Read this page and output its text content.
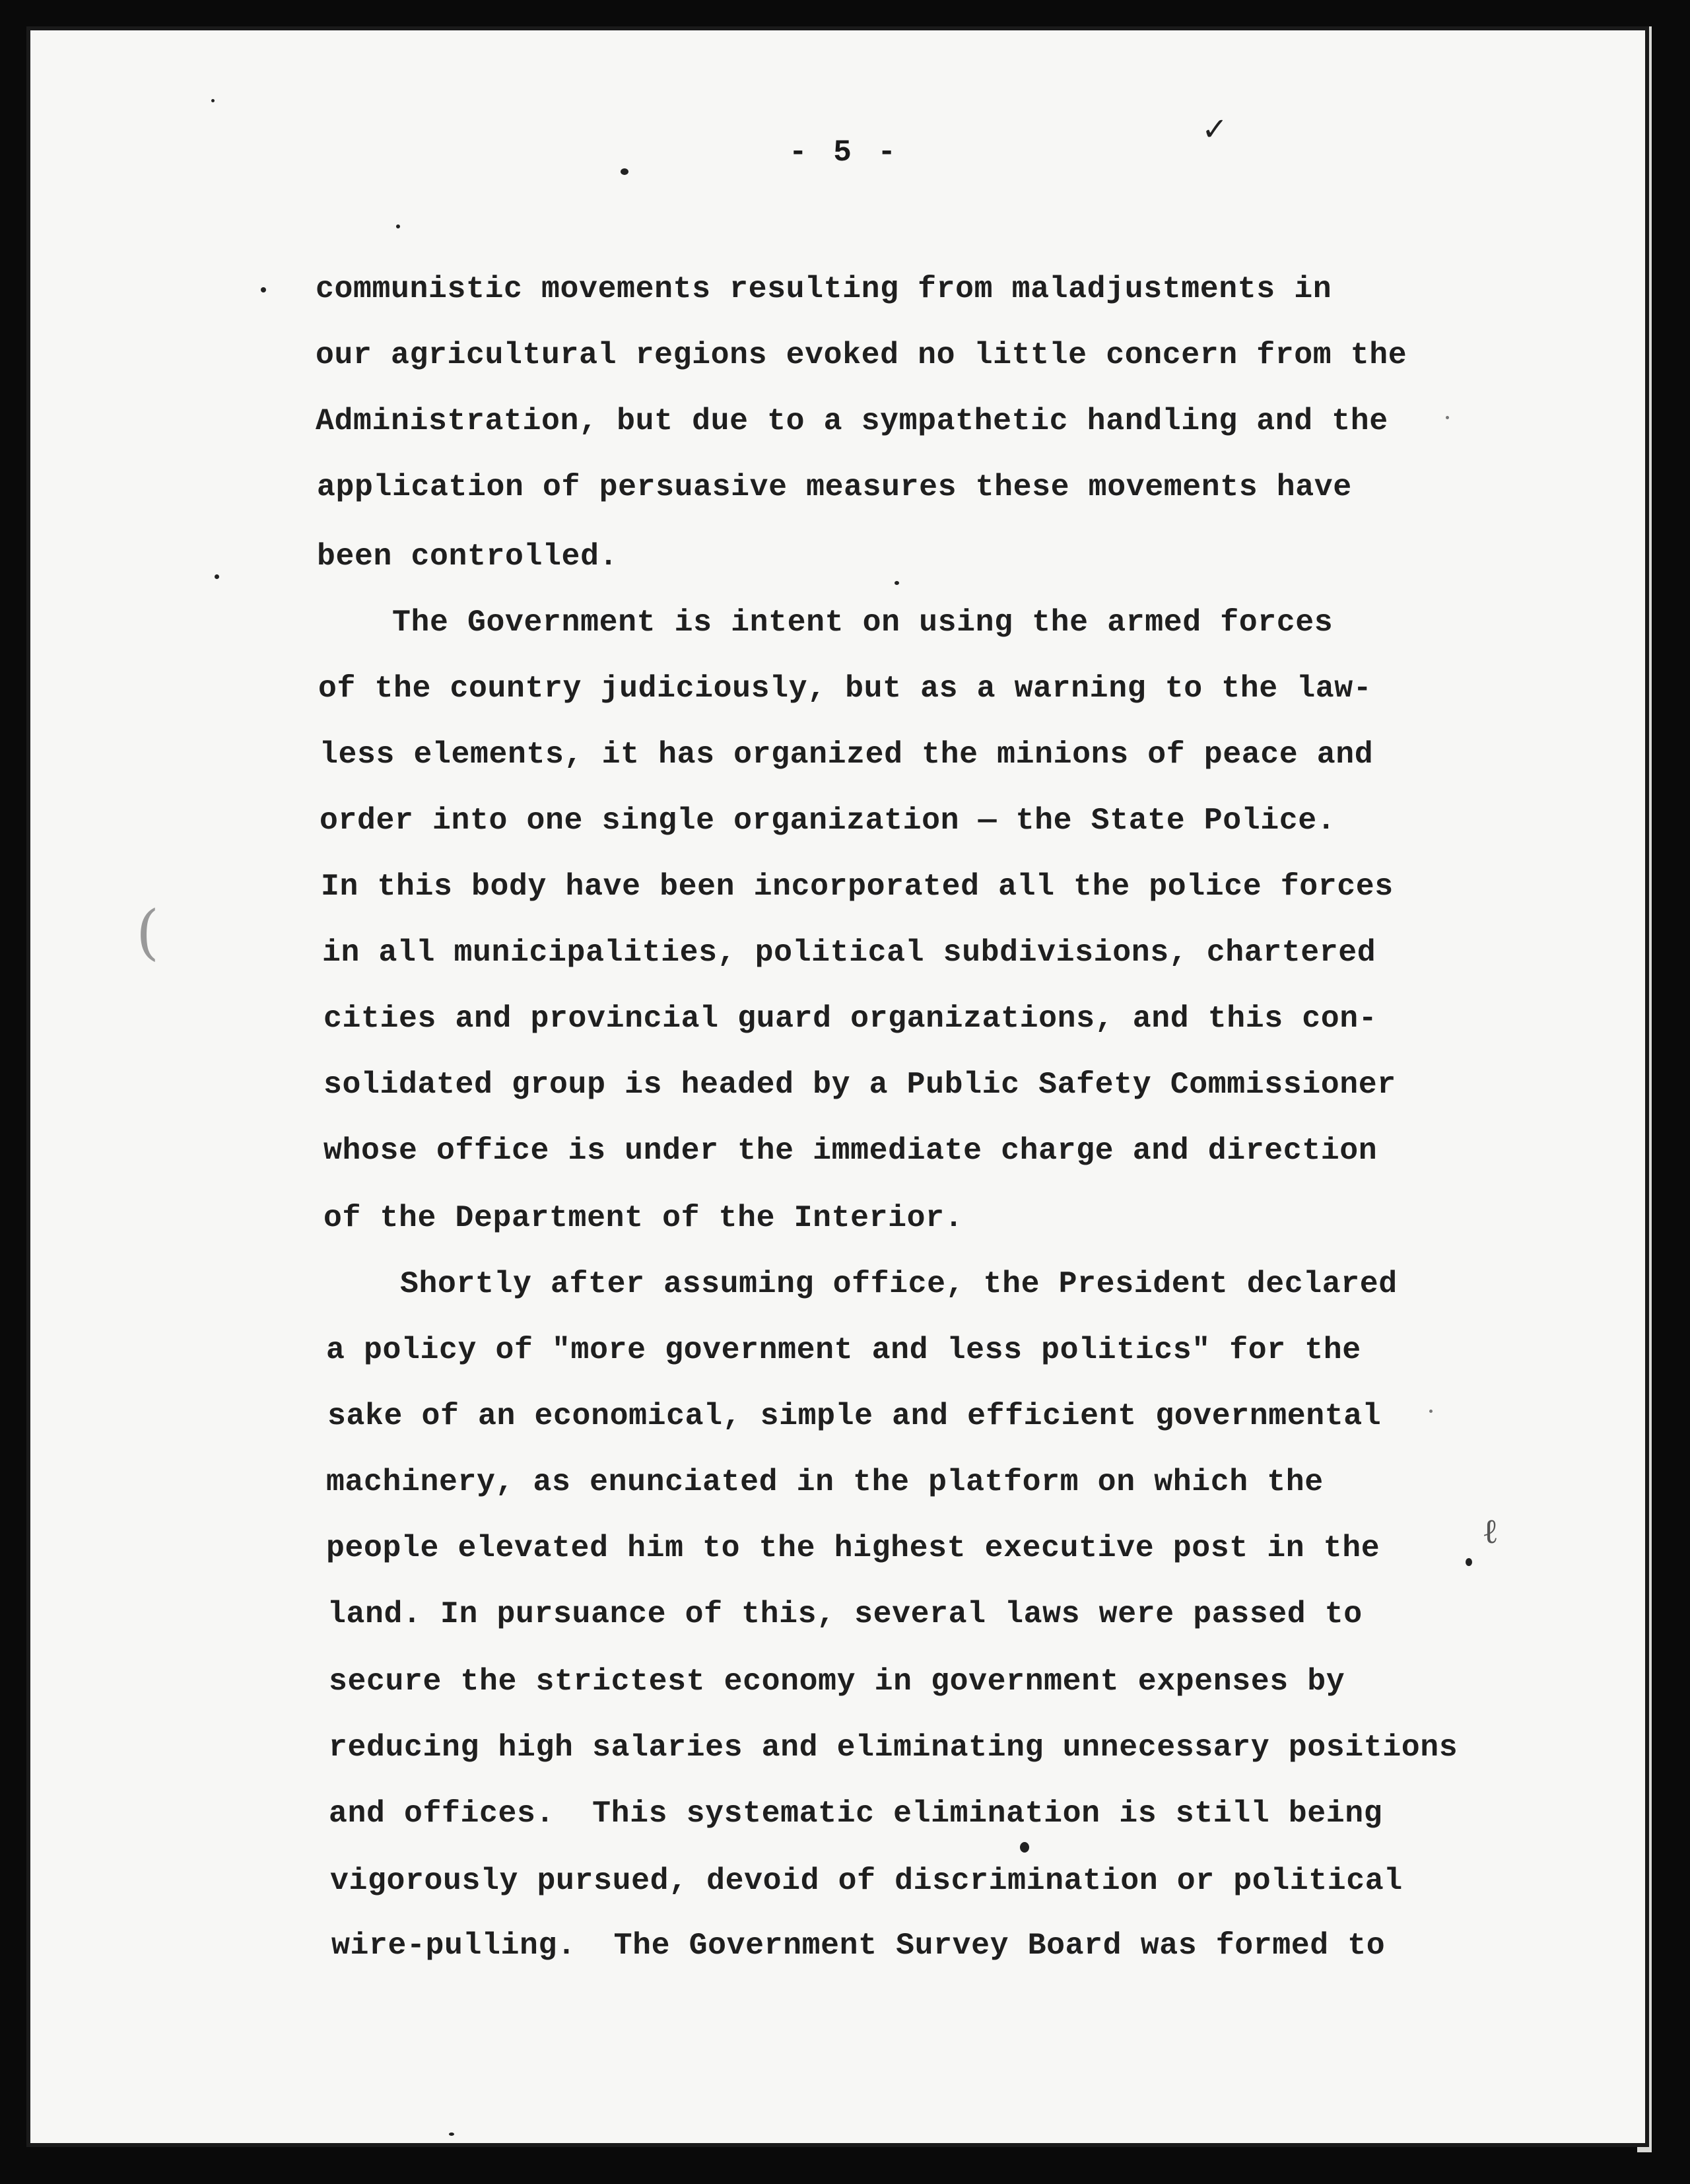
✓
ℓ
(
- 5 -
communistic movements resulting from maladjustments in
our agricultural regions evoked no little concern from the
Administration, but due to a sympathetic handling and the
application of persuasive measures these movements have
been controlled.
The Government is intent on using the armed forces
of the country judiciously, but as a warning to the law-
less elements, it has organized the minions of peace and
order into one single organization — the State Police.
In this body have been incorporated all the police forces
in all municipalities, political subdivisions, chartered
cities and provincial guard organizations, and this con-
solidated group is headed by a Public Safety Commissioner
whose office is under the immediate charge and direction
of the Department of the Interior.
Shortly after assuming office, the President declared
a policy of "more government and less politics" for the
sake of an economical, simple and efficient governmental
machinery, as enunciated in the platform on which the
people elevated him to the highest executive post in the
land. In pursuance of this, several laws were passed to
secure the strictest economy in government expenses by
reducing high salaries and eliminating unnecessary positions
and offices.  This systematic elimination is still being
vigorously pursued, devoid of discrimination or political
wire-pulling.  The Government Survey Board was formed to
